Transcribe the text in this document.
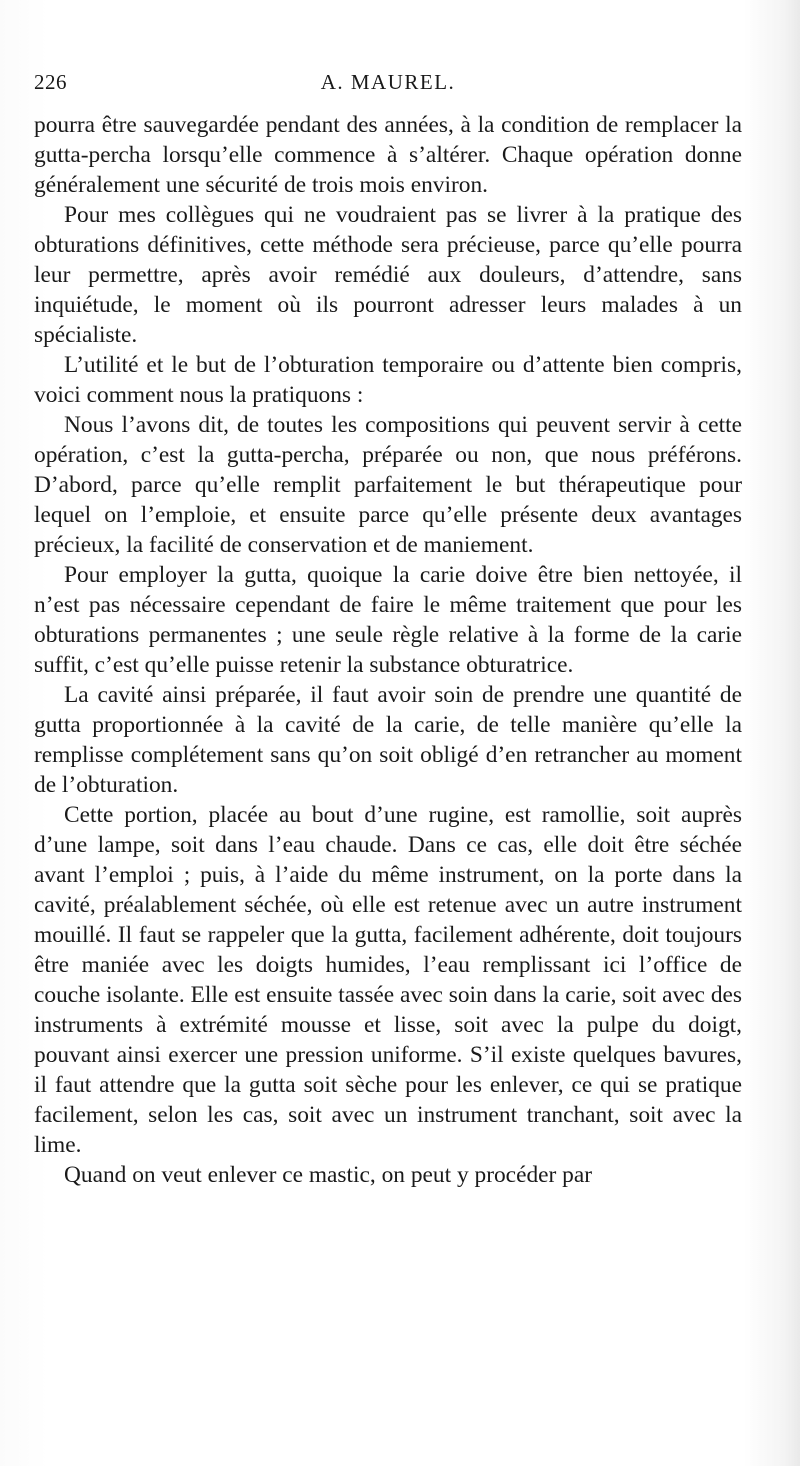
226	A. MAUREL.

pourra être sauvegardée pendant des années, à la condition de remplacer la gutta-percha lorsqu’elle commence à s’altérer. Chaque opération donne généralement une sécurité de trois mois environ.

Pour mes collègues qui ne voudraient pas se livrer à la pratique des obturations définitives, cette méthode sera précieuse, parce qu’elle pourra leur permettre, après avoir remédié aux douleurs, d’attendre, sans inquiétude, le moment où ils pourront adresser leurs malades à un spécialiste.

L’utilité et le but de l’obturation temporaire ou d’attente bien compris, voici comment nous la pratiquons :

Nous l’avons dit, de toutes les compositions qui peuvent servir à cette opération, c’est la gutta-percha, préparée ou non, que nous préférons. D’abord, parce qu’elle remplit parfaitement le but thérapeutique pour lequel on l’emploie, et ensuite parce qu’elle présente deux avantages précieux, la facilité de conservation et de maniement.

Pour employer la gutta, quoique la carie doive être bien nettoyée, il n’est pas nécessaire cependant de faire le même traitement que pour les obturations permanentes ; une seule règle relative à la forme de la carie suffit, c’est qu’elle puisse retenir la substance obturatrice.

La cavité ainsi préparée, il faut avoir soin de prendre une quantité de gutta proportionnée à la cavité de la carie, de telle manière qu’elle la remplisse complétement sans qu’on soit obligé d’en retrancher au moment de l’obturation.

Cette portion, placée au bout d’une rugine, est ramollie, soit auprès d’une lampe, soit dans l’eau chaude. Dans ce cas, elle doit être séchée avant l’emploi ; puis, à l’aide du même instrument, on la porte dans la cavité, préalablement séchée, où elle est retenue avec un autre instrument mouillé. Il faut se rappeler que la gutta, facilement adhérente, doit toujours être maniée avec les doigts humides, l’eau remplissant ici l’office de couche isolante. Elle est ensuite tassée avec soin dans la carie, soit avec des instruments à extrémité mousse et lisse, soit avec la pulpe du doigt, pouvant ainsi exercer une pression uniforme. S’il existe quelques bavures, il faut attendre que la gutta soit sèche pour les enlever, ce qui se pratique facilement, selon les cas, soit avec un instrument tranchant, soit avec la lime.

Quand on veut enlever ce mastic, on peut y procéder par
